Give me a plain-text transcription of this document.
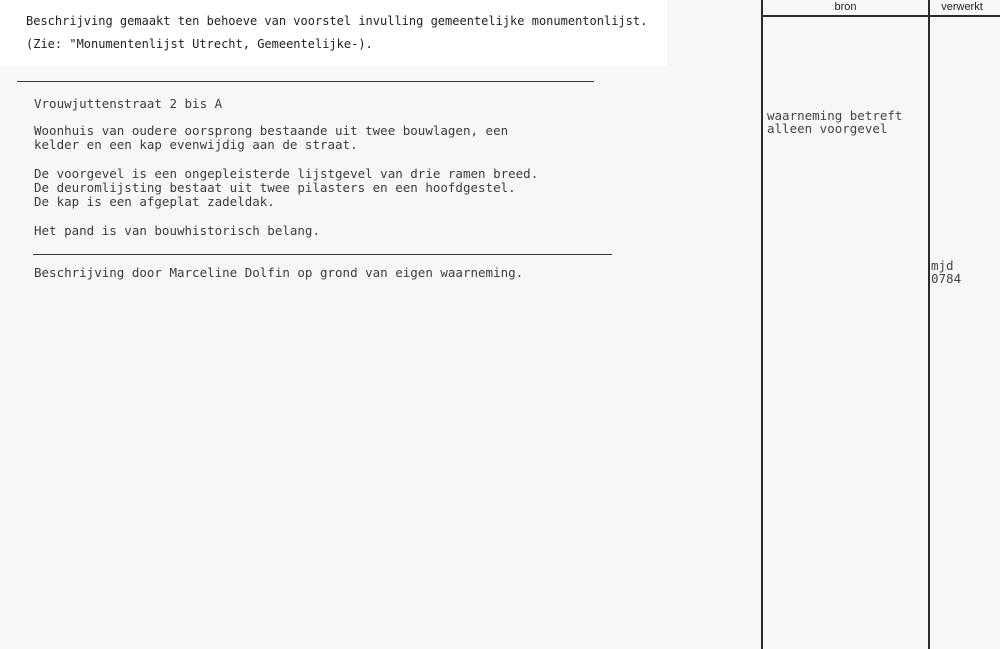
Beschrijving gemaakt ten behoeve van voorstel invulling gemeentelijke monumentonlijst.
(Zie: "Monumentenlijst Utrecht, Gemeentelijke-).
Vrouwjuttenstraat 2 bis A
Woonhuis van oudere oorsprong bestaande uit twee bouwlagen, een
kelder en een kap evenwijdig aan de straat.
De voorgevel is een ongepleisterde lijstgevel van drie ramen breed.
De deuromlijsting bestaat uit twee pilasters en een hoofdgestel.
De kap is een afgeplat zadeldak.
Het pand is van bouwhistorisch belang.
Beschrijving door Marceline Dolfin op grond van eigen waarneming.
bron	verwerkt
waarneming betreft
alleen voorgevel
mjd
0784
